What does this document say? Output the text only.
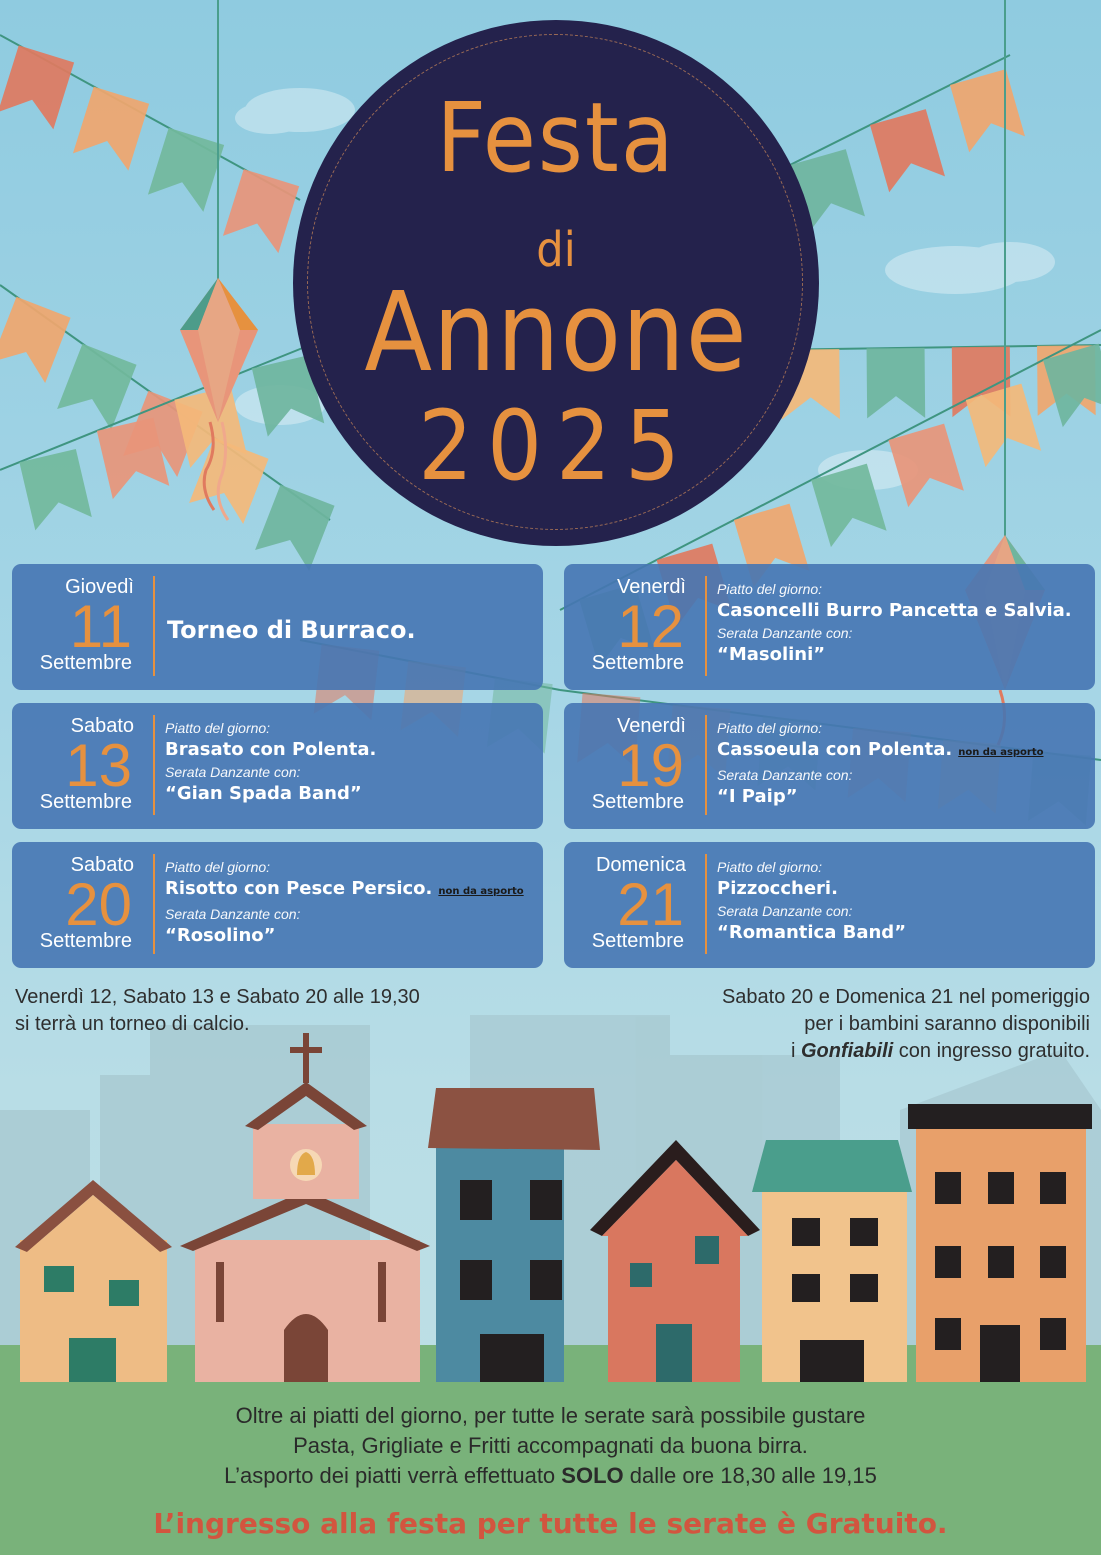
Festa
di
Annone
2025
Giovedì
11
Settembre
Torneo di Burraco.
Venerdì
12
Settembre
Piatto del giorno:
Casoncelli Burro Pancetta e Salvia.
Serata Danzante con:
“Masolini”
Sabato
13
Settembre
Piatto del giorno:
Brasato con Polenta.
Serata Danzante con:
“Gian Spada Band”
Venerdì
19
Settembre
Piatto del giorno:
Cassoeula con Polenta. non da asporto
Serata Danzante con:
“I Paip”
Sabato
20
Settembre
Piatto del giorno:
Risotto con Pesce Persico. non da asporto
Serata Danzante con:
“Rosolino”
Domenica
21
Settembre
Piatto del giorno:
Pizzoccheri.
Serata Danzante con:
“Romantica Band”
Venerdì 12, Sabato 13 e Sabato 20 alle 19,30
si terrà un torneo di calcio.
Sabato 20 e Domenica 21 nel pomeriggio
per i bambini saranno disponibili
i Gonfiabili con ingresso gratuito.
Oltre ai piatti del giorno, per tutte le serate sarà possibile gustare
Pasta, Grigliate e Fritti accompagnati da buona birra.
L’asporto dei piatti verrà effettuato SOLO dalle ore 18,30 alle 19,15
L’ingresso alla festa per tutte le serate è Gratuito.
